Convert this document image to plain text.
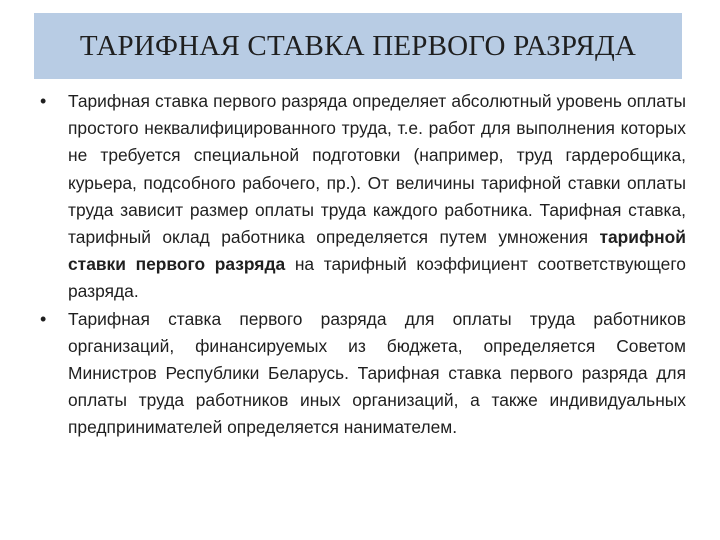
ТАРИФНАЯ СТАВКА ПЕРВОГО РАЗРЯДА
•	Тарифная ставка первого разряда определяет абсолютный уровень оплаты простого неквалифицированного труда, т.е. работ для выполнения которых не требуется специальной подготовки (например, труд гардеробщика, курьера, подсобного рабочего, пр.). От величины тарифной ставки оплаты труда зависит размер оплаты труда каждого работника. Тарифная ставка, тарифный оклад работника определяется путем умножения тарифной ставки первого разряда на тарифный коэффициент соответствующего разряда.
•	Тарифная ставка первого разряда для оплаты труда работников организаций, финансируемых из бюджета, определяется Советом Министров Республики Беларусь. Тарифная ставка первого разряда для оплаты труда работников иных организаций, а также индивидуальных предпринимателей определяется нанимателем.
